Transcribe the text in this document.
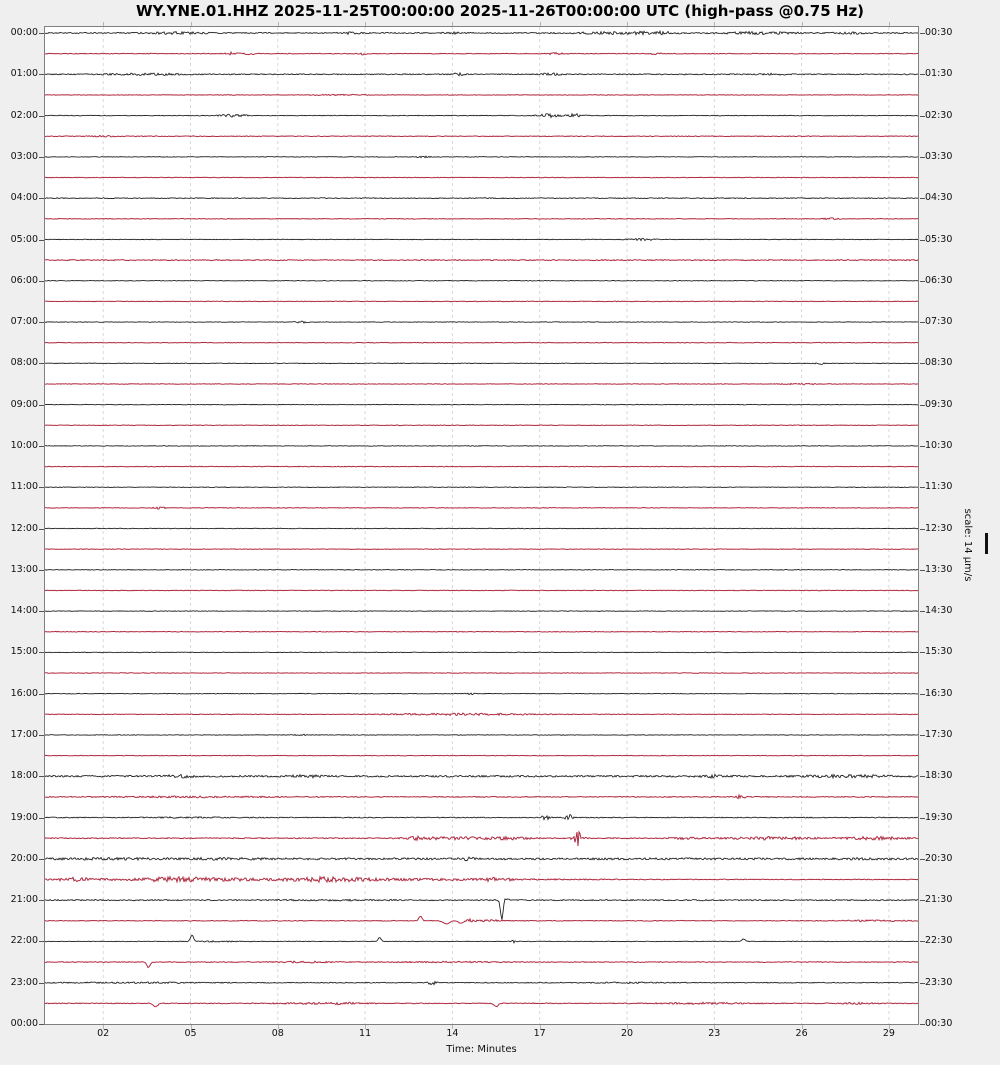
WY.YNE.01.HHZ 2025-11-25T00:00:00 2025-11-26T00:00:00 UTC (high-pass @0.75 Hz)
00:00	00:30
01:00	01:30
02:00	02:30
03:00	03:30
04:00	04:30
05:00	05:30
06:00	06:30
07:00	07:30
08:00	08:30
09:00	09:30
10:00	10:30
11:00	11:30
12:00	12:30
13:00	13:30
14:00	14:30
15:00	15:30
16:00	16:30
17:00	17:30
18:00	18:30
19:00	19:30
20:00	20:30
21:00	21:30
22:00	22:30
23:00	23:30
00:00	00:30
02	05	08	11	14	17	20	23	26	29
Time: Minutes
scale: 14 μm/s
